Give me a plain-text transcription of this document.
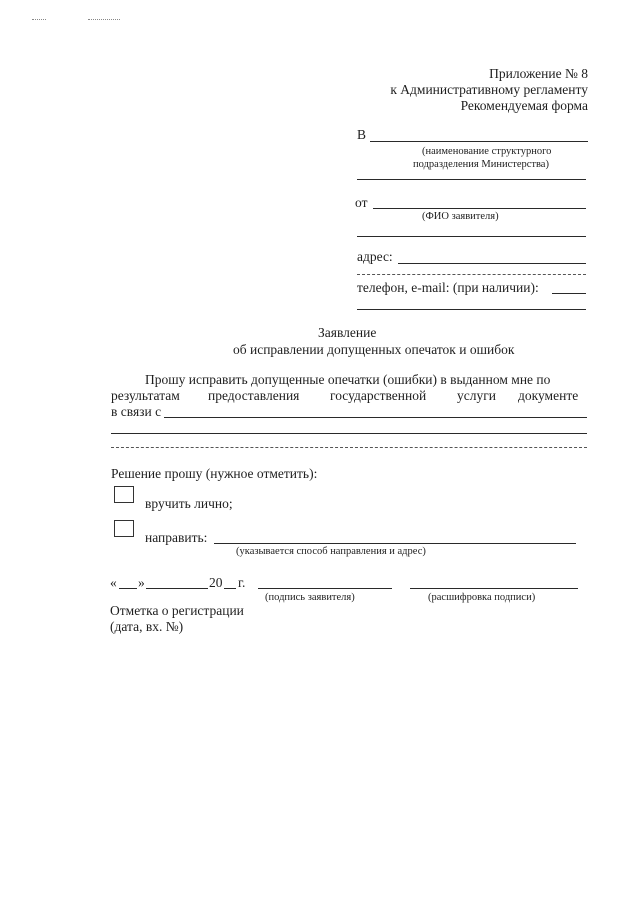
Приложение № 8
к Административному регламенту
Рекомендуемая форма
В
(наименование структурного
подразделения Министерства)
от
(ФИО заявителя)
адрес:
телефон, e-mail: (при наличии):
Заявление
об исправлении допущенных опечаток и ошибок
Прошу исправить допущенные опечатки (ошибки) в выданном мне по
результатам предоставления государственной услуги документе
в связи с
Решение прошу (нужное отметить):
вручить лично;
направить:
(указывается способ направления и адрес)
« »	20 г.
(подпись заявителя)	(расшифровка подписи)
Отметка о регистрации
(дата, вх. №)
